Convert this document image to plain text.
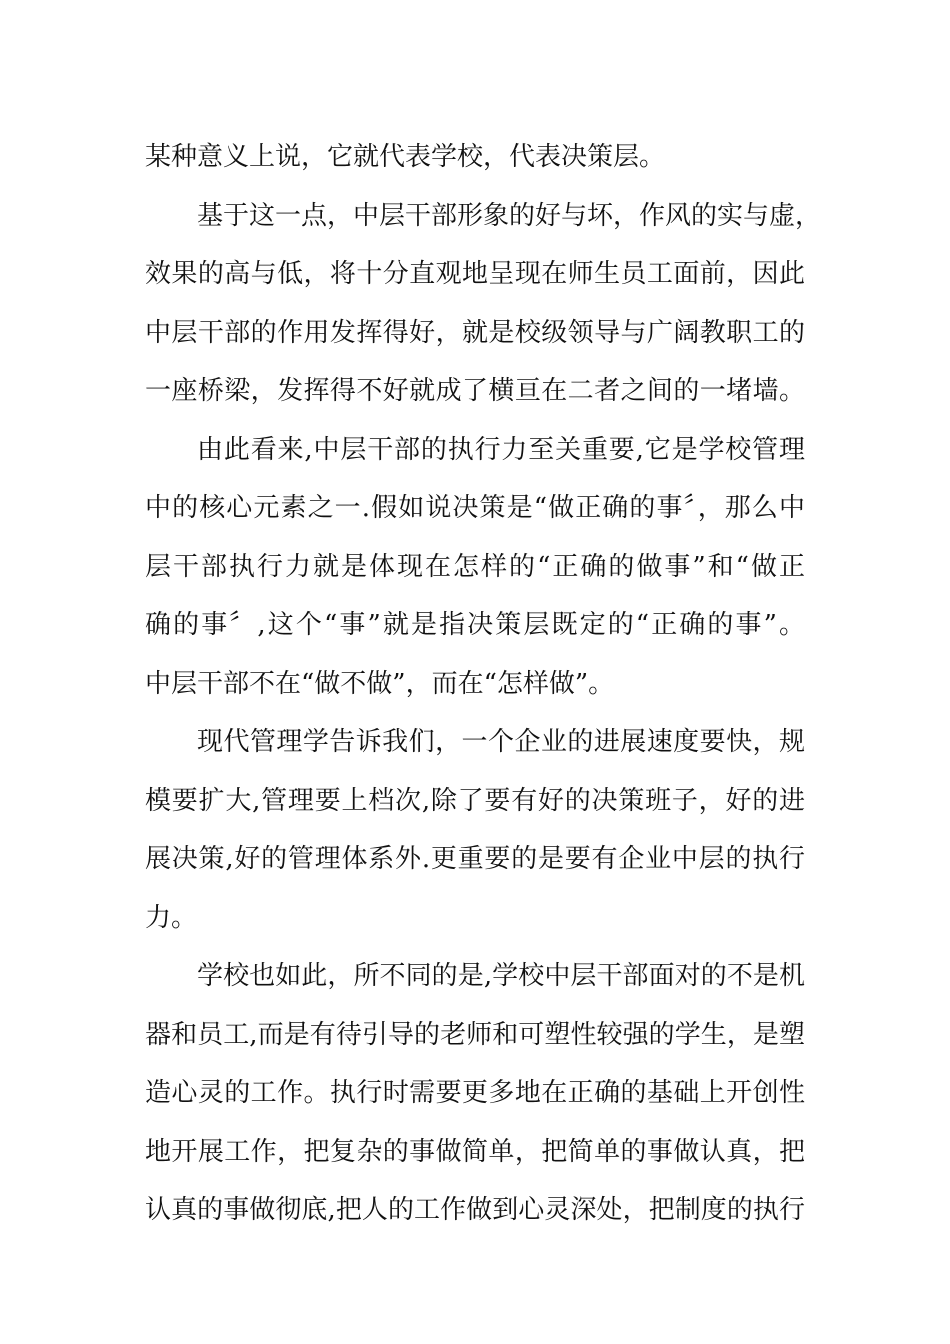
某种意义上说，它就代表学校，代表决策层。
基于这一点，中层干部形象的好与坏，作风的实与虚，
效果的高与低，将十分直观地呈现在师生员工面前，因此
中层干部的作用发挥得好，就是校级领导与广阔教职工的
一座桥梁，发挥得不好就成了横亘在二者之间的一堵墙。
由此看来,中层干部的执行力至关重要,它是学校管理
中的核心元素之一.假如说决策是“做正确的事〞，那么中
层干部执行力就是体现在怎样的“正确的做事”和“做正
确的事〞,这个“事”就是指决策层既定的“正确的事”。
中层干部不在“做不做”，而在“怎样做”。
现代管理学告诉我们，一个企业的进展速度要快，规
模要扩大,管理要上档次,除了要有好的决策班子，好的进
展决策,好的管理体系外.更重要的是要有企业中层的执行
力。
学校也如此，所不同的是,学校中层干部面对的不是机
器和员工,而是有待引导的老师和可塑性较强的学生，是塑
造心灵的工作。执行时需要更多地在正确的基础上开创性
地开展工作，把复杂的事做简单，把简单的事做认真，把
认真的事做彻底,把人的工作做到心灵深处，把制度的执行
